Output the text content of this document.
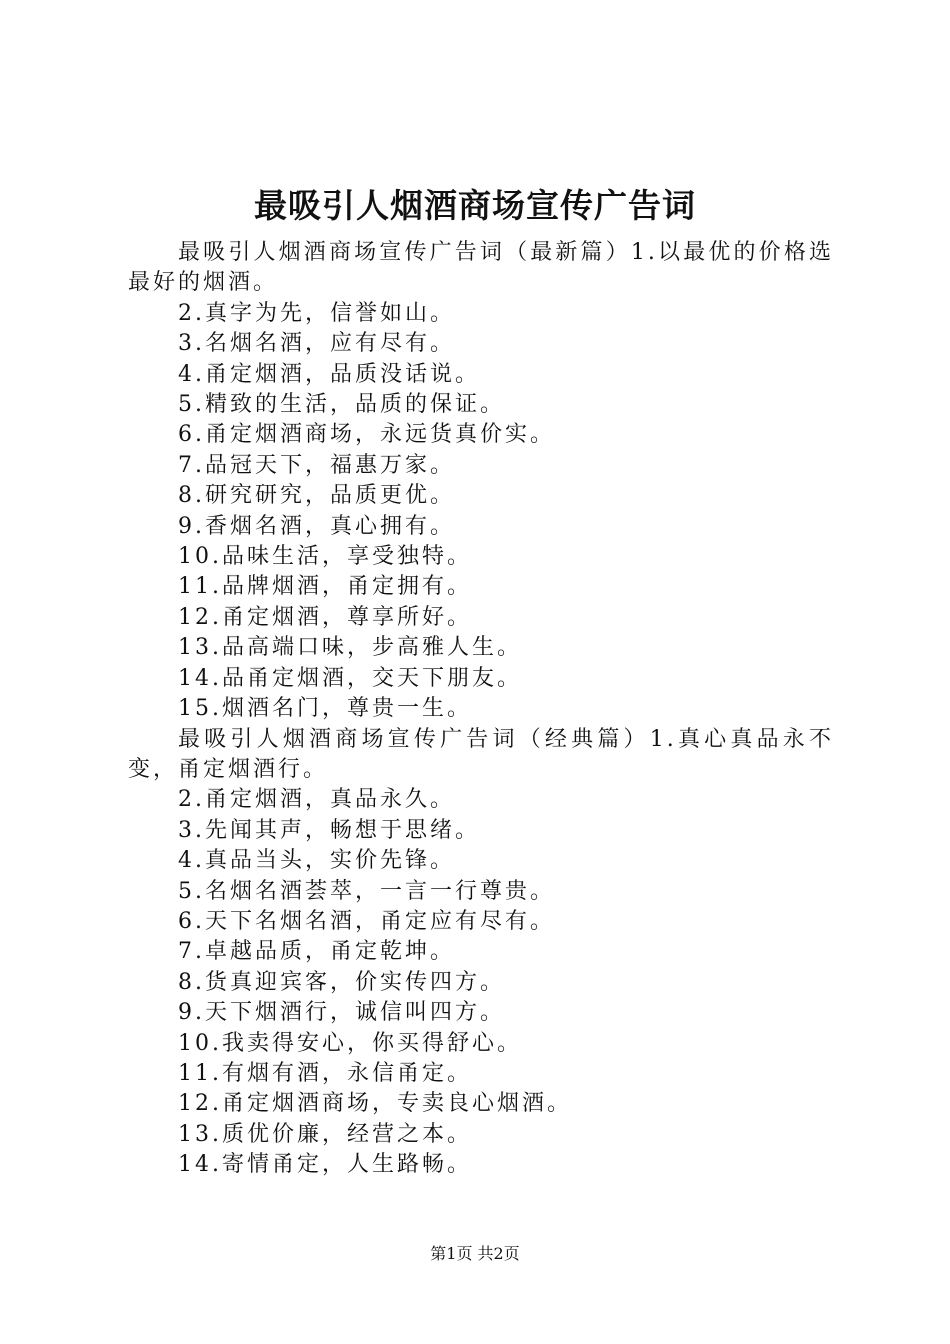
最吸引人烟酒商场宣传广告词

最吸引人烟酒商场宣传广告词（最新篇）1.以最优的价格选最好的烟酒。

2.真字为先，信誉如山。

3.名烟名酒，应有尽有。

4.甬定烟酒，品质没话说。

5.精致的生活，品质的保证。

6.甬定烟酒商场，永远货真价实。

7.品冠天下，福惠万家。

8.研究研究，品质更优。

9.香烟名酒，真心拥有。

10.品味生活，享受独特。

11.品牌烟酒，甬定拥有。

12.甬定烟酒，尊享所好。

13.品高端口味，步高雅人生。

14.品甬定烟酒，交天下朋友。

15.烟酒名门，尊贵一生。

最吸引人烟酒商场宣传广告词（经典篇）1.真心真品永不变，甬定烟酒行。

2.甬定烟酒，真品永久。

3.先闻其声，畅想于思绪。

4.真品当头，实价先锋。

5.名烟名酒荟萃，一言一行尊贵。

6.天下名烟名酒，甬定应有尽有。

7.卓越品质，甬定乾坤。

8.货真迎宾客，价实传四方。

9.天下烟酒行，诚信叫四方。

10.我卖得安心，你买得舒心。

11.有烟有酒，永信甬定。

12.甬定烟酒商场，专卖良心烟酒。

13.质优价廉，经营之本。

14.寄情甬定，人生路畅。

第1页 共2页
